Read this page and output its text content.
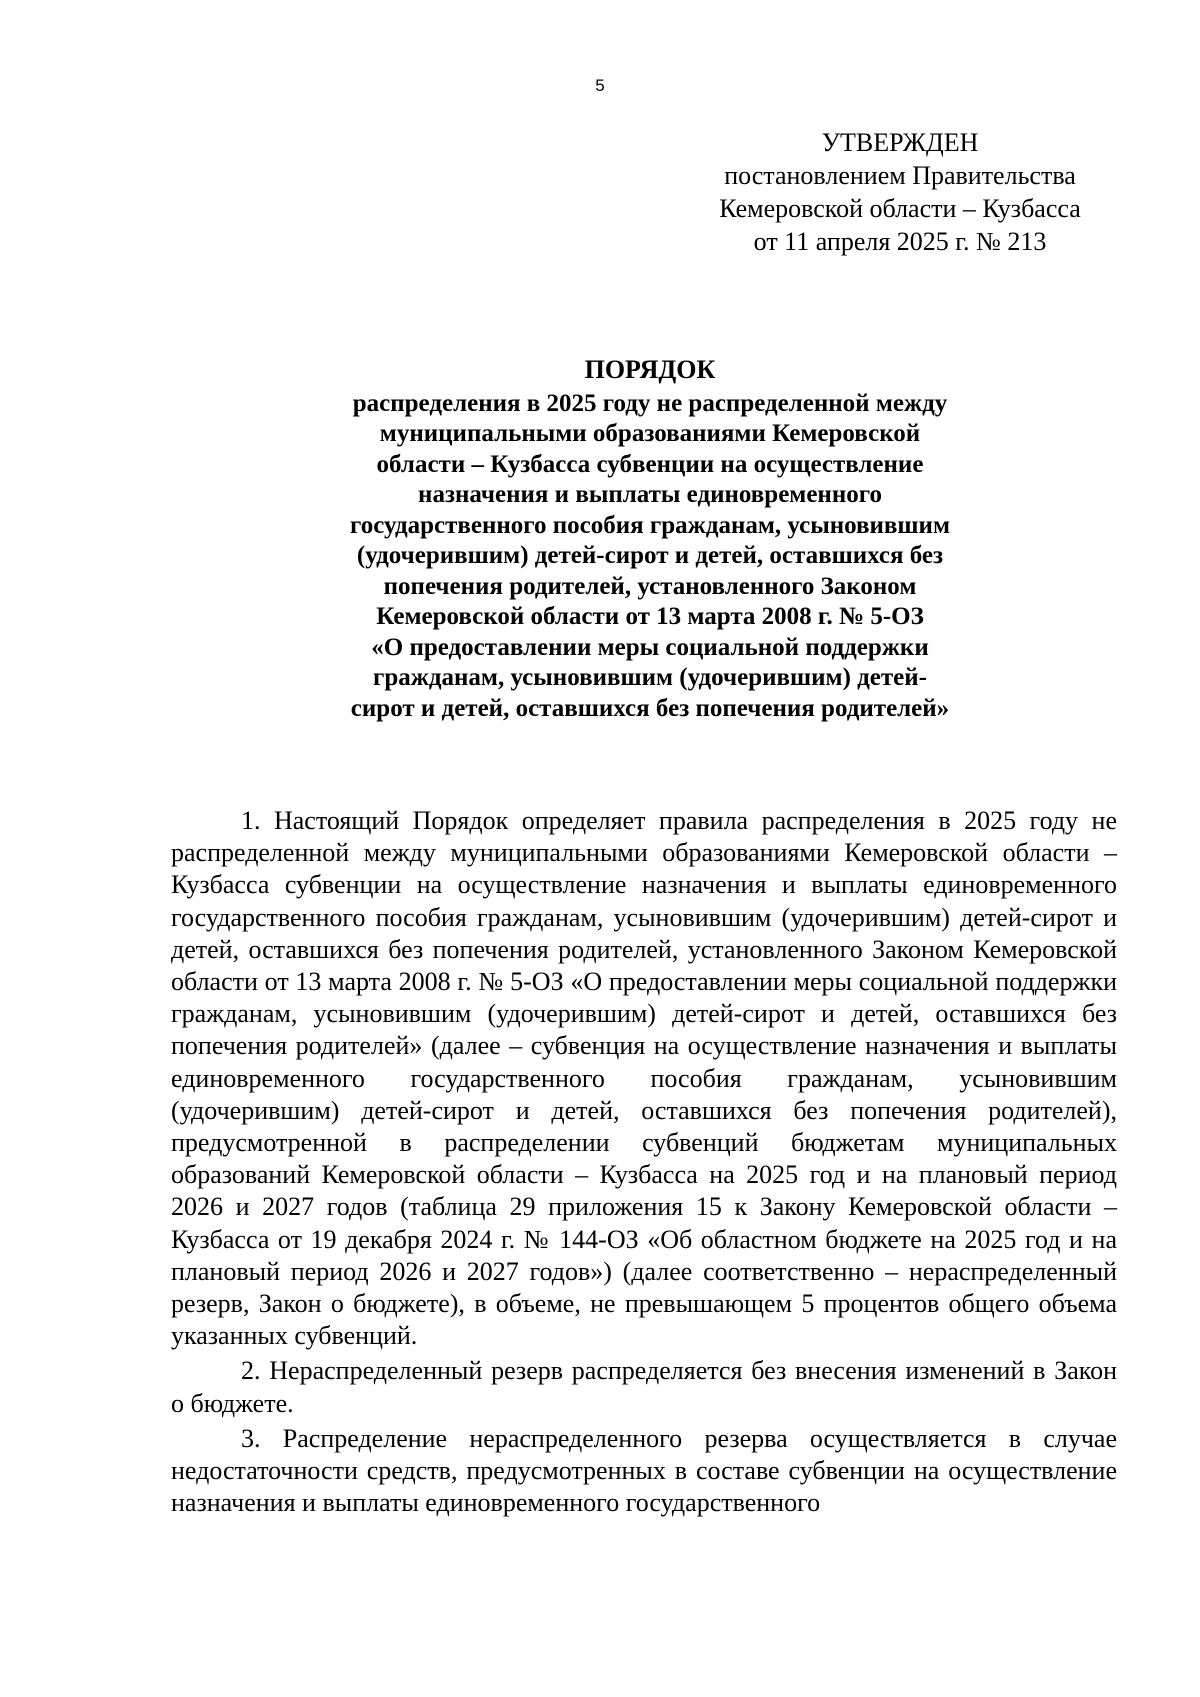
5
УТВЕРЖДЕН
постановлением Правительства
Кемеровской области – Кузбасса
от 11 апреля 2025 г. № 213
ПОРЯДОК
распределения в 2025 году не распределенной между
муниципальными образованиями Кемеровской
области – Кузбасса субвенции на осуществление
назначения и выплаты единовременного
государственного пособия гражданам, усыновившим
(удочерившим) детей-сирот и детей, оставшихся без
попечения родителей, установленного Законом
Кемеровской области от 13 марта 2008 г. № 5-ОЗ
«О предоставлении меры социальной поддержки
гражданам, усыновившим (удочерившим) детей-
сирот и детей, оставшихся без попечения родителей»

1. Настоящий Порядок определяет правила распределения в 2025 году не распределенной между муниципальными образованиями Кемеровской области – Кузбасса субвенции на осуществление назначения и выплаты единовременного государственного пособия гражданам, усыновившим (удочерившим) детей-сирот и детей, оставшихся без попечения родителей, установленного Законом Кемеровской области от 13 марта 2008 г. № 5-ОЗ «О предоставлении меры социальной поддержки гражданам, усыновившим (удочерившим) детей-сирот и детей, оставшихся без попечения родителей» (далее – субвенция на осуществление назначения и выплаты единовременного государственного пособия гражданам, усыновившим (удочерившим) детей-сирот и детей, оставшихся без попечения родителей), предусмотренной в распределении субвенций бюджетам муниципальных образований Кемеровской области – Кузбасса на 2025 год и на плановый период 2026 и 2027 годов (таблица 29 приложения 15 к Закону Кемеровской области – Кузбасса от 19 декабря 2024 г. № 144-ОЗ «Об областном бюджете на 2025 год и на плановый период 2026 и 2027 годов») (далее соответственно – нераспределенный резерв, Закон о бюджете), в объеме, не превышающем 5 процентов общего объема указанных субвенций.

2. Нераспределенный резерв распределяется без внесения изменений в Закон о бюджете.

3. Распределение нераспределенного резерва осуществляется в случае недостаточности средств, предусмотренных в составе субвенции на осуществление назначения и выплаты единовременного государственного
